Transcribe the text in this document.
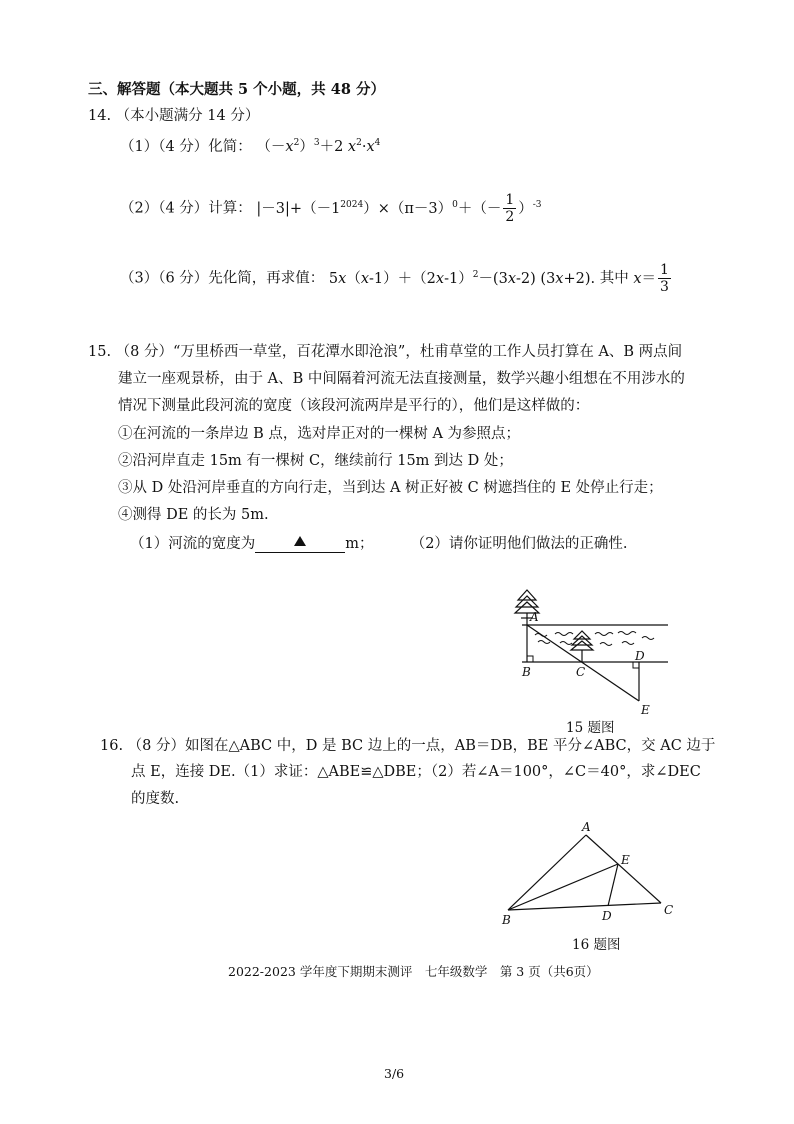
三、解答题（本大题共 5 个小题，共 48 分）
14. （本小题满分 14 分）
（1）（4 分）化简： $(-x^2)^3+2$ $x^2\cdot x^4$
（2）（4 分）计算： $|-3|+(-1^{2024})\times(\pi-3)^0+(- \frac{1}{2} )^{-3}$
（3）（6 分）先化简，再求值： $5x(x-1)+(2x-1)^2-(3x-2)$ (3x+2). 其中 $x= \frac{1}{3}$
15. （8 分）“万里桥西一草堂，百花潭水即沧浪”，杜甫草堂的工作人员打算在 A、B 两点间
建立一座观景桥，由于 A、B 中间隔着河流无法直接测量，数学兴趣小组想在不用涉水的
情况下测量此段河流的宽度（该段河流两岸是平行的），他们是这样做的：
①在河流的一条岸边 B 点，选对岸正对的一棵树 A 为参照点；
②沿河岸直走 15m 有一棵树 C，继续前行 15m 到达 D 处；
③从 D 处沿河岸垂直的方向行走，当到达 A 树正好被 C 树遮挡住的 E 处停止行走；
④测得 DE 的长为 5m.
（1）河流的宽度为	m；	（2）请你证明他们做法的正确性.
A
B	C
D
E
15 题图
16. （8 分）如图在△ABC 中，D 是 BC 边上的一点，AB＝DB，BE 平分∠ABC，交 AC 边于
点 E，连接 DE.（1）求证：△ABE≌△DBE；（2）若∠A＝100°，∠C＝40°，求∠DEC
的度数.
A
B
C
D
E
16 题图
2022-2023 学年度下期期末测评　七年级数学　第 3 页（共6页）
3/6
